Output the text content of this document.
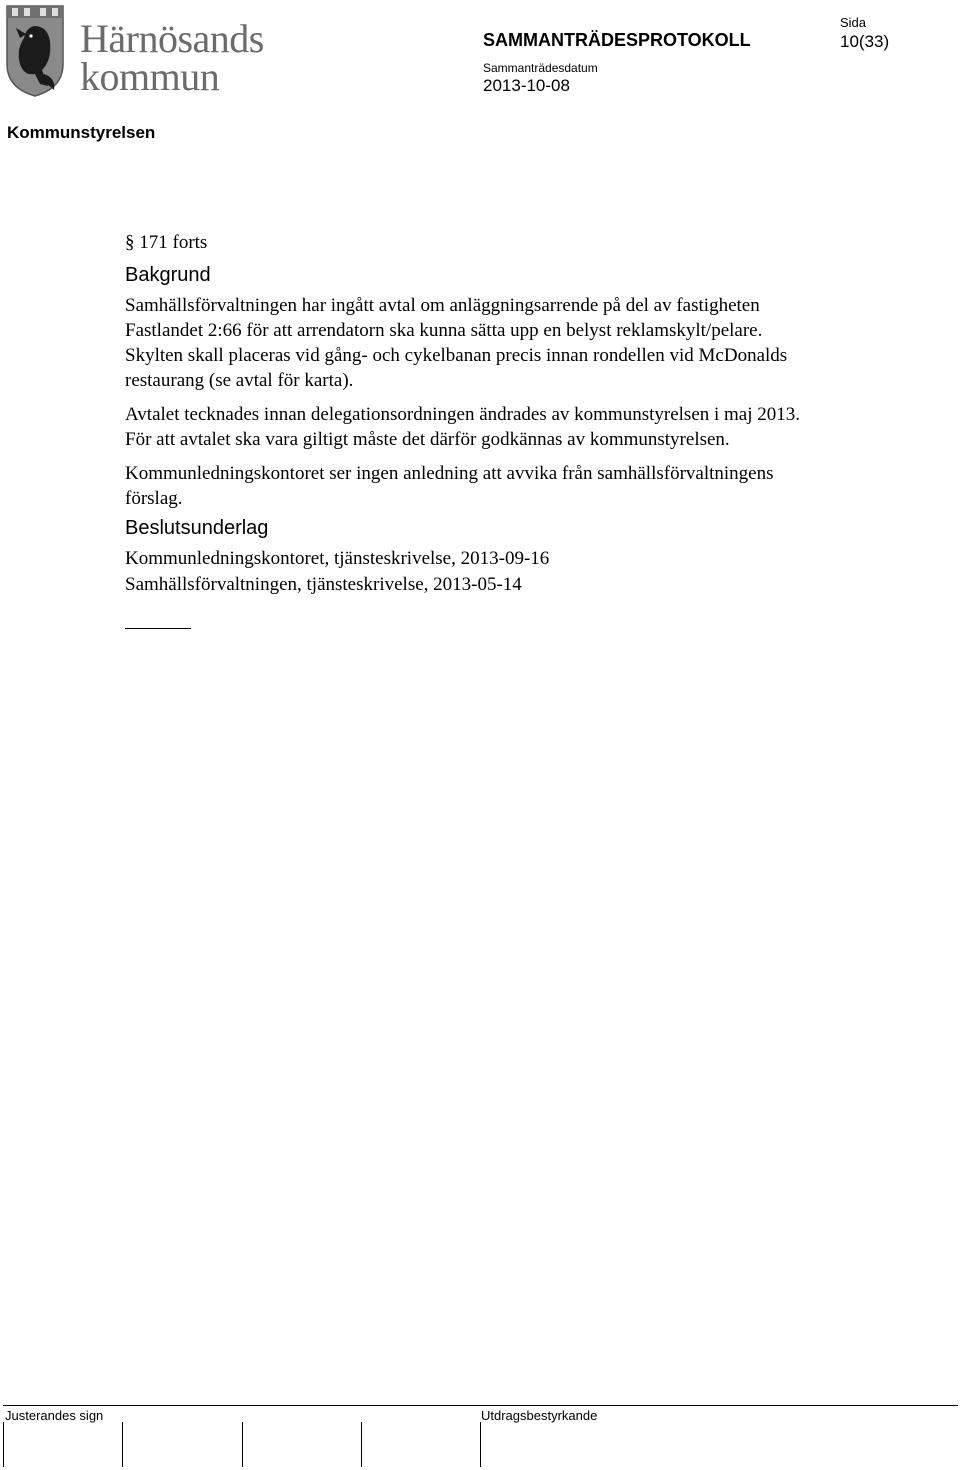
Härnösands
kommun
SAMMANTRÄDESPROTOKOLL
Sammanträdesdatum
2013-10-08
Sida
10(33)
Kommunstyrelsen

§ 171 forts

Bakgrund

Samhällsförvaltningen har ingått avtal om anläggningsarrende på del av fastigheten Fastlandet 2:66 för att arrendatorn ska kunna sätta upp en belyst reklamskylt/pelare. Skylten skall placeras vid gång- och cykelbanan precis innan rondellen vid McDonalds restaurang (se avtal för karta).

Avtalet tecknades innan delegationsordningen ändrades av kommunstyrelsen i maj 2013. För att avtalet ska vara giltigt måste det därför godkännas av kommunstyrelsen.

Kommunledningskontoret ser ingen anledning att avvika från samhällsförvaltningens förslag.

Beslutsunderlag

Kommunledningskontoret, tjänsteskrivelse, 2013-09-16

Samhällsförvaltningen, tjänsteskrivelse, 2013-05-14

Justerandes sign	Utdragsbestyrkande
